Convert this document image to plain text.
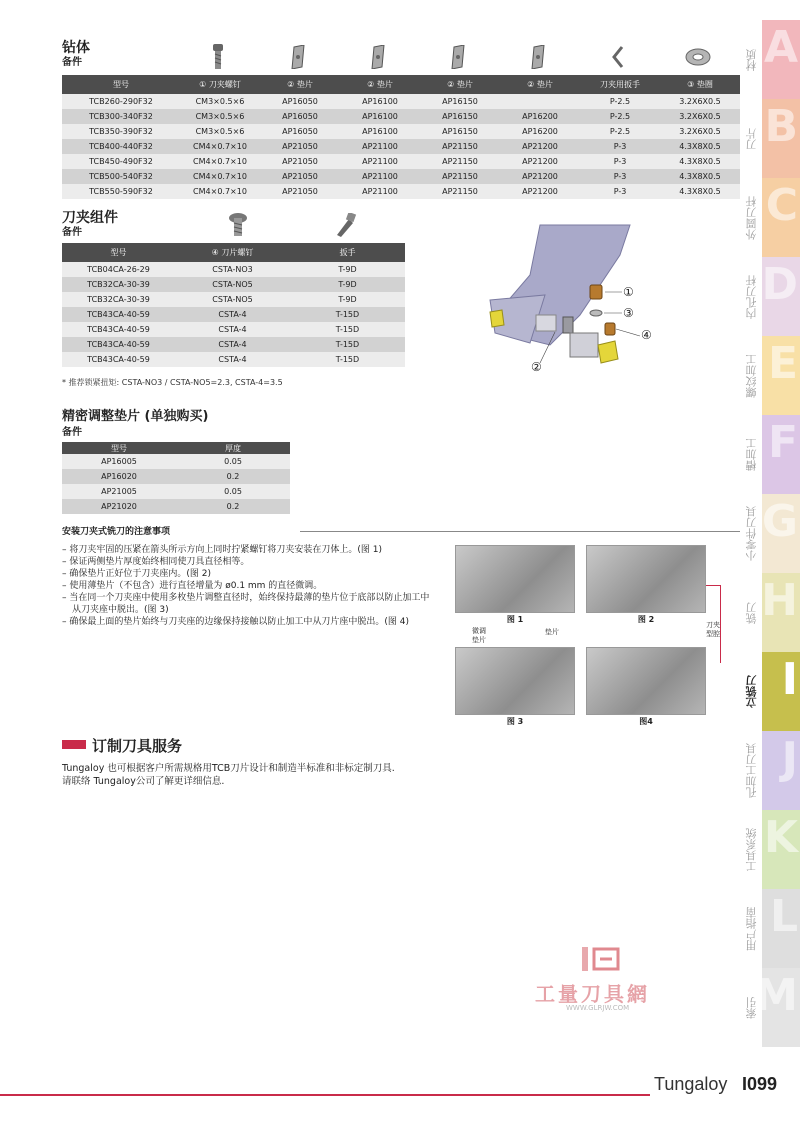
钻体
备件
型号	① 刀夹螺钉	② 垫片	② 垫片	② 垫片	② 垫片	刀夹用扳手	③ 垫圈
TCB260-290F32	CM3×0.5×6	AP16050	AP16100	AP16150		P-2.5	3.2X6X0.5
TCB300-340F32	CM3×0.5×6	AP16050	AP16100	AP16150	AP16200	P-2.5	3.2X6X0.5
TCB350-390F32	CM3×0.5×6	AP16050	AP16100	AP16150	AP16200	P-2.5	3.2X6X0.5
TCB400-440F32	CM4×0.7×10	AP21050	AP21100	AP21150	AP21200	P-3	4.3X8X0.5
TCB450-490F32	CM4×0.7×10	AP21050	AP21100	AP21150	AP21200	P-3	4.3X8X0.5
TCB500-540F32	CM4×0.7×10	AP21050	AP21100	AP21150	AP21200	P-3	4.3X8X0.5
TCB550-590F32	CM4×0.7×10	AP21050	AP21100	AP21150	AP21200	P-3	4.3X8X0.5
刀夹组件
备件
型号	④ 刀片螺钉	扳手
TCB04CA-26-29	CSTA-NO3	T-9D
TCB32CA-30-39	CSTA-NO5	T-9D
TCB32CA-30-39	CSTA-NO5	T-9D
TCB43CA-40-59	CSTA-4	T-15D
TCB43CA-40-59	CSTA-4	T-15D
TCB43CA-40-59	CSTA-4	T-15D
TCB43CA-40-59	CSTA-4	T-15D
* 推荐锁紧扭矩: CSTA-NO3 / CSTA-NO5=2.3, CSTA-4=3.5
①
③
④
②
精密调整垫片 (单独购买)
备件
型号	厚度
AP16005	0.05
AP16020	0.2
AP21005	0.05
AP21020	0.2
安装刀夹式铣刀的注意事项
– 将刀夹牢固的压紧在箭头所示方向上同时拧紧螺钉将刀夹安装在刀体上。(图 1)
– 保证两侧垫片厚度始终相同使刀具直径相等。
– 确保垫片正好位于刀夹座内。(图 2)
– 使用薄垫片（不包含）进行直径增量为 ø0.1 mm 的直径微调。
– 当在同一个刀夹座中使用多枚垫片调整直径时，始终保持最薄的垫片位于底部以防止加工中从刀夹座中脱出。(图 3)
– 确保最上面的垫片始终与刀夹座的边缘保持接触以防止加工中从刀片座中脱出。(图 4)	图 1	图 2
刀夹
型腔
微调
垫片
垫片
图 3	图4
订制刀具服务
Tungaloy 也可根据客户所需规格用TCB刀片设计和制造半标准和非标定制刀具.
请联络 Tungaloy公司了解更详细信息.
工量刀具網
WWW.GLRJW.COM
A
材质
B
刀片
C
外圆刀杆
D
内孔刀杆
E
螺纹加工
F
槽加工
G
小零件刀具
H
铣刀
I
立铣刀
J
孔加工刀具
K
工具系统
L
用户指南
M
索引
Tungaloy I099
